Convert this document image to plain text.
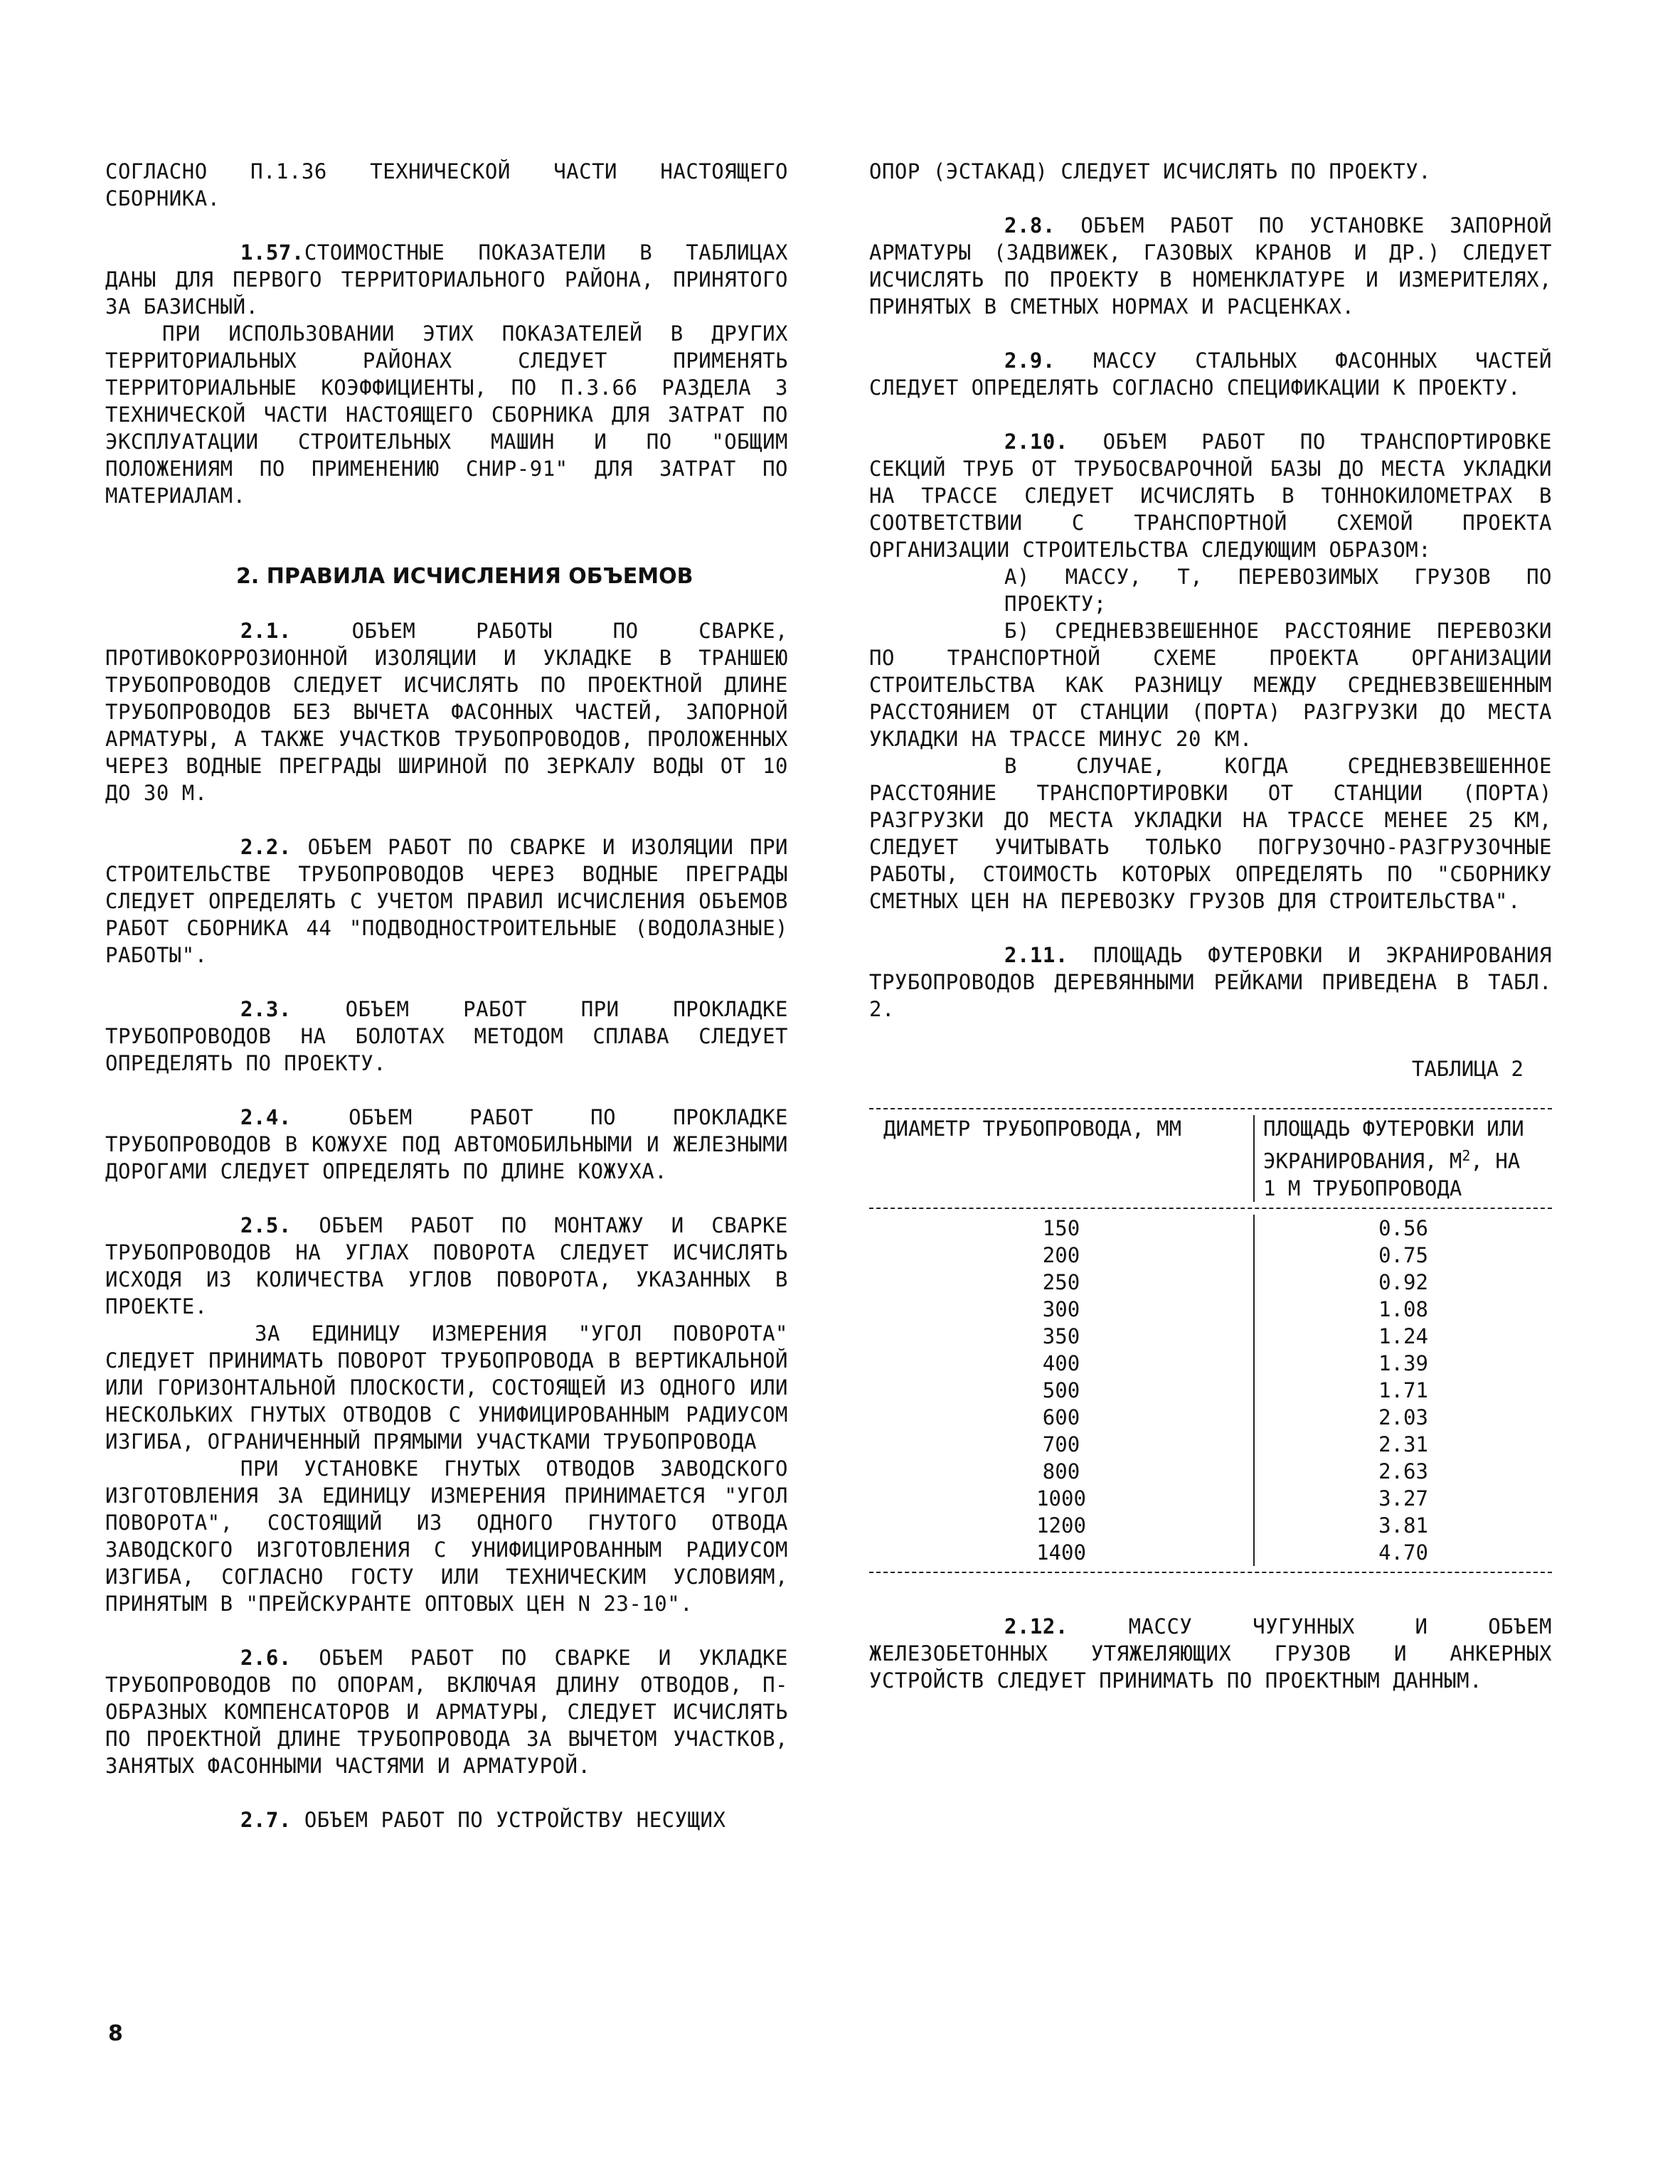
СОГЛАСНО П.1.36 ТЕХНИЧЕСКОЙ ЧАСТИ НАСТОЯЩЕГО СБОРНИКА.

1.57.СТОИМОСТНЫЕ ПОКАЗАТЕЛИ В ТАБЛИЦАХ ДАНЫ ДЛЯ ПЕРВОГО ТЕРРИТОРИАЛЬНОГО РАЙОНА, ПРИНЯТОГО ЗА БАЗИСНЫЙ.

ПРИ ИСПОЛЬЗОВАНИИ ЭТИХ ПОКАЗАТЕЛЕЙ В ДРУГИХ ТЕРРИТОРИАЛЬНЫХ РАЙОНАХ СЛЕДУЕТ ПРИМЕНЯТЬ ТЕРРИТОРИАЛЬНЫЕ КОЭФФИЦИЕНТЫ, ПО П.3.66 РАЗДЕЛА 3 ТЕХНИЧЕСКОЙ ЧАСТИ НАСТОЯЩЕГО СБОРНИКА ДЛЯ ЗАТРАТ ПО ЭКСПЛУАТАЦИИ СТРОИТЕЛЬНЫХ МАШИН И ПО "ОБЩИМ ПОЛОЖЕНИЯМ ПО ПРИМЕНЕНИЮ СНИР-91" ДЛЯ ЗАТРАТ ПО МАТЕРИАЛАМ.

2. ПРАВИЛА ИСЧИСЛЕНИЯ ОБЪЕМОВ

2.1.	ОБЪЕМ РАБОТЫ ПО СВАРКЕ, ПРОТИВОКОРРОЗИОННОЙ ИЗОЛЯЦИИ И УКЛАДКЕ В ТРАНШЕЮ ТРУБОПРОВОДОВ СЛЕДУЕТ ИСЧИСЛЯТЬ ПО ПРОЕКТНОЙ ДЛИНЕ ТРУБОПРОВОДОВ БЕЗ ВЫЧЕТА ФАСОННЫХ ЧАСТЕЙ, ЗАПОРНОЙ АРМАТУРЫ, А ТАКЖЕ УЧАСТКОВ ТРУБОПРОВОДОВ, ПРОЛОЖЕННЫХ ЧЕРЕЗ ВОДНЫЕ ПРЕГРАДЫ ШИРИНОЙ ПО ЗЕРКАЛУ ВОДЫ ОТ 10 ДО 30 М.

2.2. ОБЪЕМ РАБОТ ПО СВАРКЕ И ИЗОЛЯЦИИ ПРИ СТРОИТЕЛЬСТВЕ ТРУБОПРОВОДОВ ЧЕРЕЗ ВОДНЫЕ ПРЕГРАДЫ СЛЕДУЕТ ОПРЕДЕЛЯТЬ С УЧЕТОМ ПРАВИЛ ИСЧИСЛЕНИЯ ОБЪЕМОВ РАБОТ СБОРНИКА 44 "ПОДВОДНОСТРОИТЕЛЬНЫЕ (ВОДОЛАЗНЫЕ) РАБОТЫ".

2.3.	ОБЪЕМ РАБОТ ПРИ ПРОКЛАДКЕ ТРУБОПРОВОДОВ НА БОЛОТАХ МЕТОДОМ СПЛАВА СЛЕДУЕТ ОПРЕДЕЛЯТЬ ПО ПРОЕКТУ.

2.4.	ОБЪЕМ РАБОТ ПО ПРОКЛАДКЕ ТРУБОПРОВОДОВ В КОЖУХЕ ПОД АВТОМОБИЛЬНЫМИ И ЖЕЛЕЗНЫМИ ДОРОГАМИ СЛЕДУЕТ ОПРЕДЕЛЯТЬ ПО ДЛИНЕ КОЖУХА.

2.5. ОБЪЕМ РАБОТ ПО МОНТАЖУ И СВАРКЕ ТРУБОПРОВОДОВ НА УГЛАХ ПОВОРОТА СЛЕДУЕТ ИСЧИСЛЯТЬ ИСХОДЯ ИЗ КОЛИЧЕСТВА УГЛОВ ПОВОРОТА, УКАЗАННЫХ В ПРОЕКТЕ.

ЗА ЕДИНИЦУ ИЗМЕРЕНИЯ "УГОЛ ПОВОРОТА" СЛЕДУЕТ ПРИНИМАТЬ ПОВОРОТ ТРУБОПРОВОДА В ВЕРТИКАЛЬНОЙ ИЛИ ГОРИЗОНТАЛЬНОЙ ПЛОСКОСТИ, СОСТОЯЩЕЙ ИЗ ОДНОГО ИЛИ НЕСКОЛЬКИХ ГНУТЫХ ОТВОДОВ С УНИФИЦИРОВАННЫМ РАДИУСОМ ИЗГИБА, ОГРАНИЧЕННЫЙ ПРЯМЫМИ УЧАСТКАМИ ТРУБОПРОВОДА

ПРИ УСТАНОВКЕ ГНУТЫХ ОТВОДОВ ЗАВОДСКОГО ИЗГОТОВЛЕНИЯ ЗА ЕДИНИЦУ ИЗМЕРЕНИЯ ПРИНИМАЕТСЯ "УГОЛ ПОВОРОТА", СОСТОЯЩИЙ ИЗ ОДНОГО ГНУТОГО ОТВОДА ЗАВОДСКОГО ИЗГОТОВЛЕНИЯ С УНИФИЦИРОВАННЫМ РАДИУСОМ ИЗГИБА, СОГЛАСНО ГОСТУ ИЛИ ТЕХНИЧЕСКИМ УСЛОВИЯМ, ПРИНЯТЫМ В "ПРЕЙСКУРАНТЕ ОПТОВЫХ ЦЕН N 23-10".

2.6. ОБЪЕМ РАБОТ ПО СВАРКЕ И УКЛАДКЕ ТРУБОПРОВОДОВ ПО ОПОРАМ, ВКЛЮЧАЯ ДЛИНУ ОТВОДОВ, П-ОБРАЗНЫХ КОМПЕНСАТОРОВ И АРМАТУРЫ, СЛЕДУЕТ ИСЧИСЛЯТЬ ПО ПРОЕКТНОЙ ДЛИНЕ ТРУБОПРОВОДА ЗА ВЫЧЕТОМ УЧАСТКОВ, ЗАНЯТЫХ ФАСОННЫМИ ЧАСТЯМИ И АРМАТУРОЙ.

2.7. ОБЪЕМ РАБОТ ПО УСТРОЙСТВУ НЕСУЩИХ

ОПОР (ЭСТАКАД) СЛЕДУЕТ ИСЧИСЛЯТЬ ПО ПРОЕКТУ.

2.8. ОБЪЕМ РАБОТ ПО УСТАНОВКЕ ЗАПОРНОЙ АРМАТУРЫ (ЗАДВИЖЕК, ГАЗОВЫХ КРАНОВ И ДР.) СЛЕДУЕТ ИСЧИСЛЯТЬ ПО ПРОЕКТУ В НОМЕНКЛАТУРЕ И ИЗМЕРИТЕЛЯХ, ПРИНЯТЫХ В СМЕТНЫХ НОРМАХ И РАСЦЕНКАХ.

2.9. МАССУ СТАЛЬНЫХ ФАСОННЫХ ЧАСТЕЙ СЛЕДУЕТ ОПРЕДЕЛЯТЬ СОГЛАСНО СПЕЦИФИКАЦИИ К ПРОЕКТУ.

2.10. ОБЪЕМ РАБОТ ПО ТРАНСПОРТИРОВКЕ СЕКЦИЙ ТРУБ ОТ ТРУБОСВАРОЧНОЙ БАЗЫ ДО МЕСТА УКЛАДКИ НА ТРАССЕ СЛЕДУЕТ ИСЧИСЛЯТЬ В ТОННОКИЛОМЕТРАХ В СООТВЕТСТВИИ С ТРАНСПОРТНОЙ СХЕМОЙ ПРОЕКТА ОРГАНИЗАЦИИ СТРОИТЕЛЬСТВА СЛЕДУЮЩИМ ОБРАЗОМ:

А) МАССУ, Т, ПЕРЕВОЗИМЫХ ГРУЗОВ ПО ПРОЕКТУ;

Б) СРЕДНЕВЗВЕШЕННОЕ РАССТОЯНИЕ ПЕРЕВОЗКИ ПО ТРАНСПОРТНОЙ СХЕМЕ ПРОЕКТА ОРГАНИЗАЦИИ СТРОИТЕЛЬСТВА КАК РАЗНИЦУ МЕЖДУ СРЕДНЕВЗВЕШЕННЫМ РАССТОЯНИЕМ ОТ СТАНЦИИ (ПОРТА) РАЗГРУЗКИ ДО МЕСТА УКЛАДКИ НА ТРАССЕ МИНУС 20 КМ.

В СЛУЧАЕ, КОГДА СРЕДНЕВЗВЕШЕННОЕ РАССТОЯНИЕ ТРАНСПОРТИРОВКИ ОТ СТАНЦИИ (ПОРТА) РАЗГРУЗКИ ДО МЕСТА УКЛАДКИ НА ТРАССЕ МЕНЕЕ 25 КМ, СЛЕДУЕТ УЧИТЫВАТЬ ТОЛЬКО ПОГРУЗОЧНО-РАЗГРУЗОЧНЫЕ РАБОТЫ, СТОИМОСТЬ КОТОРЫХ ОПРЕДЕЛЯТЬ ПО "СБОРНИКУ СМЕТНЫХ ЦЕН НА ПЕРЕВОЗКУ ГРУЗОВ ДЛЯ СТРОИТЕЛЬСТВА".

2.11. ПЛОЩАДЬ ФУТЕРОВКИ И ЭКРАНИРОВАНИЯ ТРУБОПРОВОДОВ ДЕРЕВЯННЫМИ РЕЙКАМИ ПРИВЕДЕНА В ТАБЛ. 2.

ТАБЛИЦА 2
ДИАМЕТР ТРУБОПРОВОДА, ММ	ПЛОЩАДЬ ФУТЕРОВКИ ИЛИ
ЭКРАНИРОВАНИЯ, $М^2$, НА
1 М ТРУБОПРОВОДА
150	0.56
200	0.75
250	0.92
300	1.08
350	1.24
400	1.39
500	1.71
600	2.03
700	2.31
800	2.63
1000	3.27
1200	3.81
1400	4.70

2.12.	МАССУ ЧУГУННЫХ И ОБЪЕМ ЖЕЛЕЗОБЕТОННЫХ УТЯЖЕЛЯЮЩИХ ГРУЗОВ И АНКЕРНЫХ УСТРОЙСТВ СЛЕДУЕТ ПРИНИМАТЬ ПО ПРОЕКТНЫМ ДАННЫМ.

8
